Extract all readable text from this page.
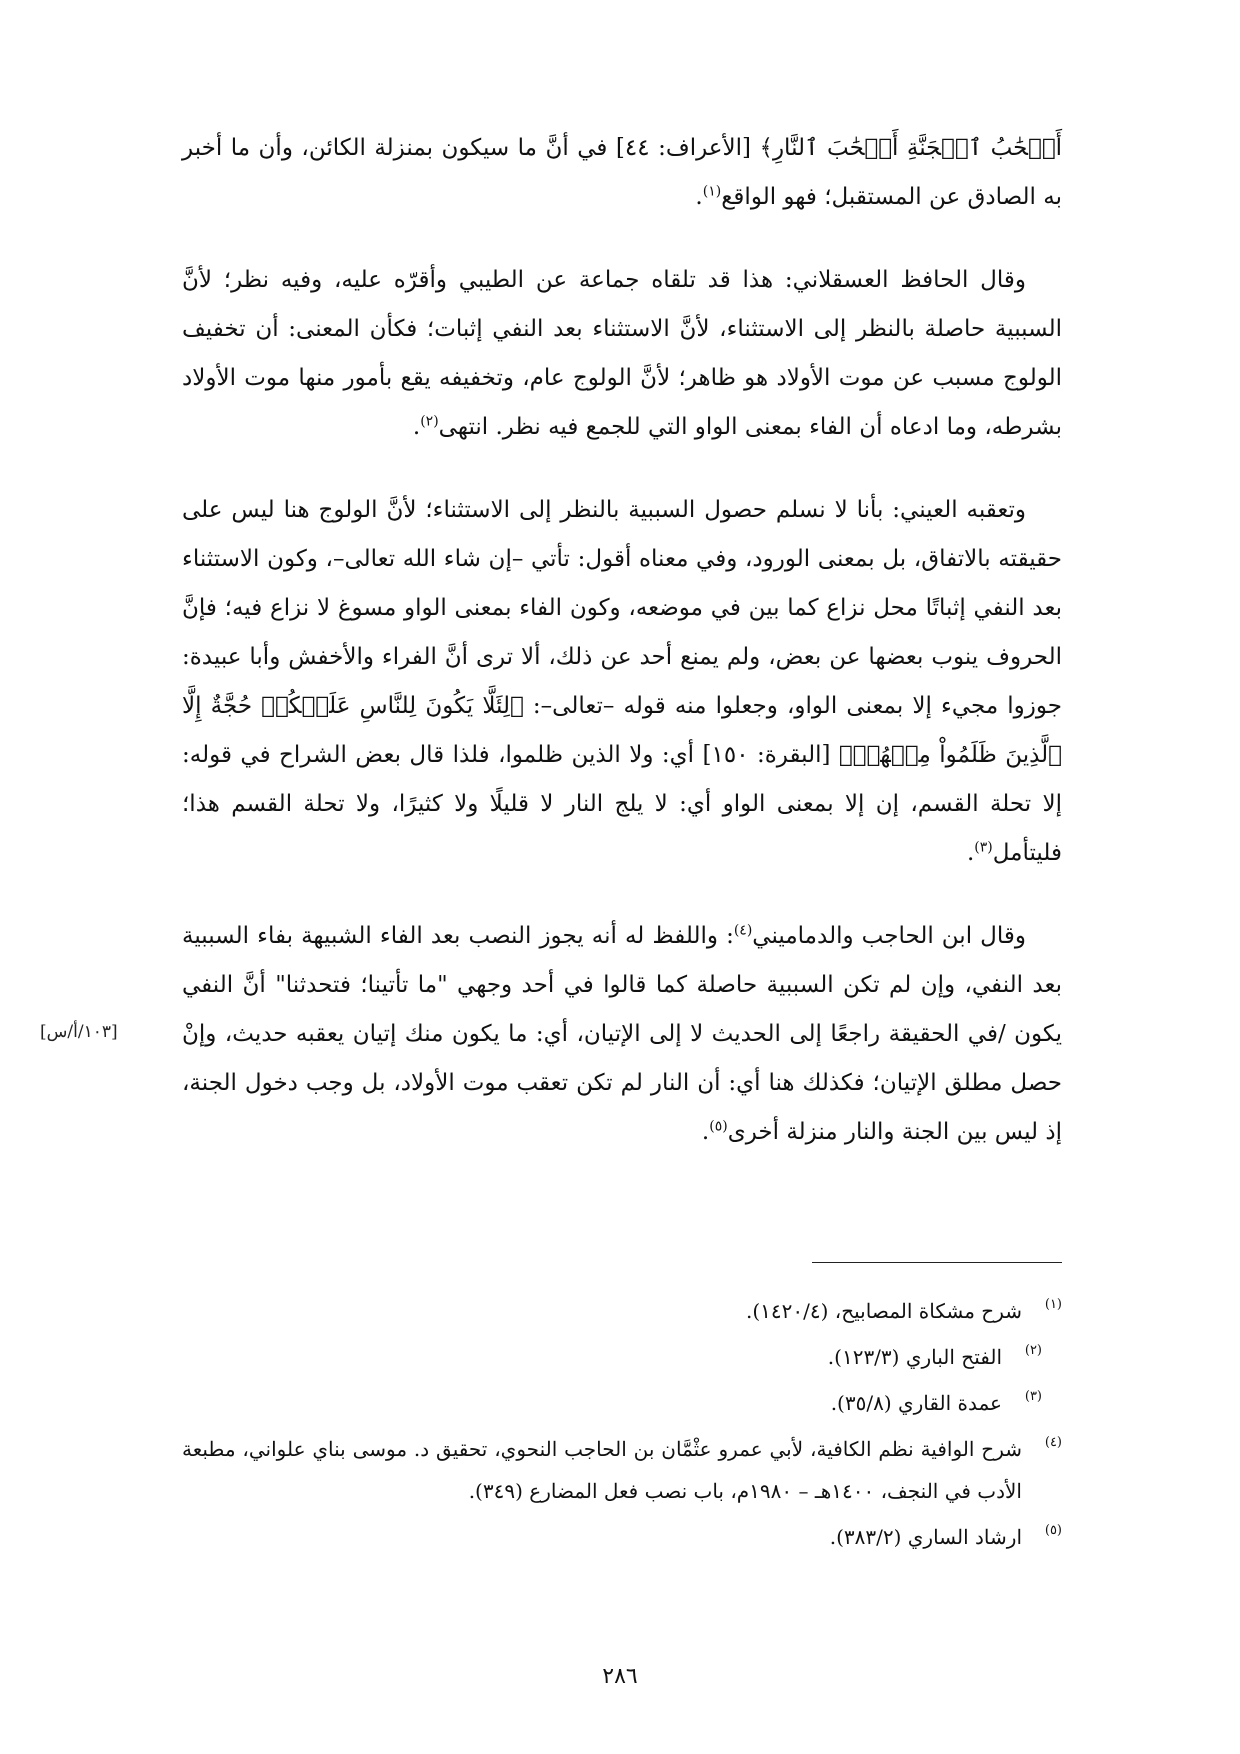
أَصۡحَٰبُ ٱلۡجَنَّةِ أَصۡحَٰبَ ٱلنَّارِ﴾ [الأعراف: ٤٤] في أنَّ ما سيكون بمنزلة الكائن، وأن ما أخبر به الصادق عن المستقبل؛ فهو الواقع$^{(١)}$.

وقال الحافظ العسقلاني: هذا قد تلقاه جماعة عن الطيبي وأقرّه عليه، وفيه نظر؛ لأنَّ السببية حاصلة بالنظر إلى الاستثناء، لأنَّ الاستثناء بعد النفي إثبات؛ فكأن المعنى: أن تخفيف الولوج مسبب عن موت الأولاد هو ظاهر؛ لأنَّ الولوج عام، وتخفيفه يقع بأمور منها موت الأولاد بشرطه، وما ادعاه أن الفاء بمعنى الواو التي للجمع فيه نظر. انتهى$^{(٢)}$.

وتعقبه العيني: بأنا لا نسلم حصول السببية بالنظر إلى الاستثناء؛ لأنَّ الولوج هنا ليس على حقيقته بالاتفاق، بل بمعنى الورود، وفي معناه أقول: تأتي –إن شاء الله تعالى–، وكون الاستثناء بعد النفي إثباتًا محل نزاع كما بين في موضعه، وكون الفاء بمعنى الواو مسوغ لا نزاع فيه؛ فإنَّ الحروف ينوب بعضها عن بعض، ولم يمنع أحد عن ذلك، ألا ترى أنَّ الفراء والأخفش وأبا عبيدة: جوزوا مجيء إلا بمعنى الواو، وجعلوا منه قوله –تعالى–: ﴿لِئَلَّا يَكُونَ لِلنَّاسِ عَلَيۡكُمۡ حُجَّةٌ إِلَّا ٱلَّذِينَ ظَلَمُواْ مِنۡهُمۡ﴾ [البقرة: ١٥٠] أي: ولا الذين ظلموا، فلذا قال بعض الشراح في قوله: إلا تحلة القسم، إن إلا بمعنى الواو أي: لا يلج النار لا قليلًا ولا كثيرًا، ولا تحلة القسم هذا؛ فليتأمل$^{(٣)}$.

وقال ابن الحاجب والدماميني$^{(٤)}$: واللفظ له أنه يجوز النصب بعد الفاء الشبيهة بفاء السببية بعد النفي، وإن لم تكن السببية حاصلة كما قالوا في أحد وجهي "ما تأتينا؛ فتحدثنا" أنَّ النفي يكون /في الحقيقة راجعًا إلى الحديث لا إلى الإتيان، أي: ما يكون منك إتيان يعقبه حديث، وإنْ حصل مطلق الإتيان؛ فكذلك هنا أي: أن النار لم تكن تعقب موت الأولاد، بل وجب دخول الجنة، إذ ليس بين الجنة والنار منزلة أخرى$^{(٥)}$.

[١٠٣/أ/س]

(١)
شرح مشكاة المصابيح، (١٤٢٠/٤).

(٢)
الفتح الباري (١٢٣/٣).

(٣)
عمدة القاري (٣٥/٨).

(٤)
شرح الوافية نظم الكافية، لأبي عمرو عثْمَّان بن الحاجب النحوي، تحقيق د. موسى بناي علواني، مطبعة الأدب في النجف، ١٤٠٠هـ – ١٩٨٠م، باب نصب فعل المضارع (٣٤٩).

(٥)
ارشاد الساري (٣٨٣/٢).

٢٨٦
